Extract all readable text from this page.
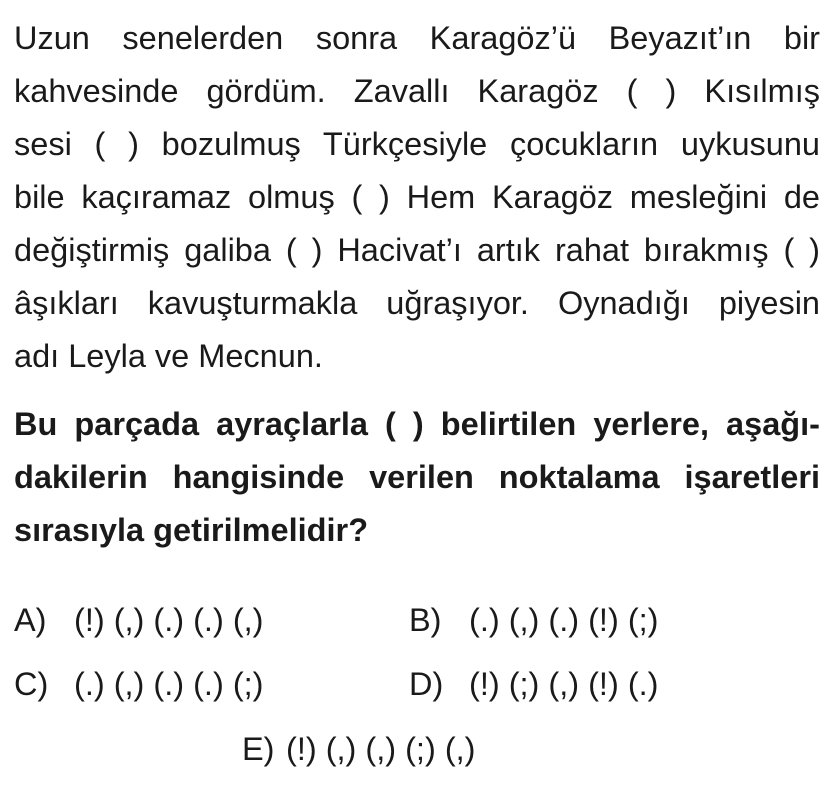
Uzun senelerden sonra Karagöz’ü Beyazıt’ın bir
kahvesinde gördüm. Zavallı Karagöz ( ) Kısılmış
sesi ( ) bozulmuş Türkçesiyle çocukların uykusunu
bile kaçıramaz olmuş ( ) Hem Karagöz mesleğini de
değiştirmiş galiba ( ) Hacivat’ı artık rahat bırakmış ( )
âşıkları kavuşturmakla uğraşıyor. Oynadığı piyesin
adı Leyla ve Mecnun.
Bu parçada ayraçlarla ( ) belirtilen yerlere, aşağı-
dakilerin hangisinde verilen noktalama işaretleri
sırasıyla getirilmelidir?
A) (!) (,) (.) (.) (,)	B) (.) (,) (.) (!) (;)
C) (.) (,) (.) (.) (;)	D) (!) (;) (,) (!) (.)
E) (!) (,) (,) (;) (,)
